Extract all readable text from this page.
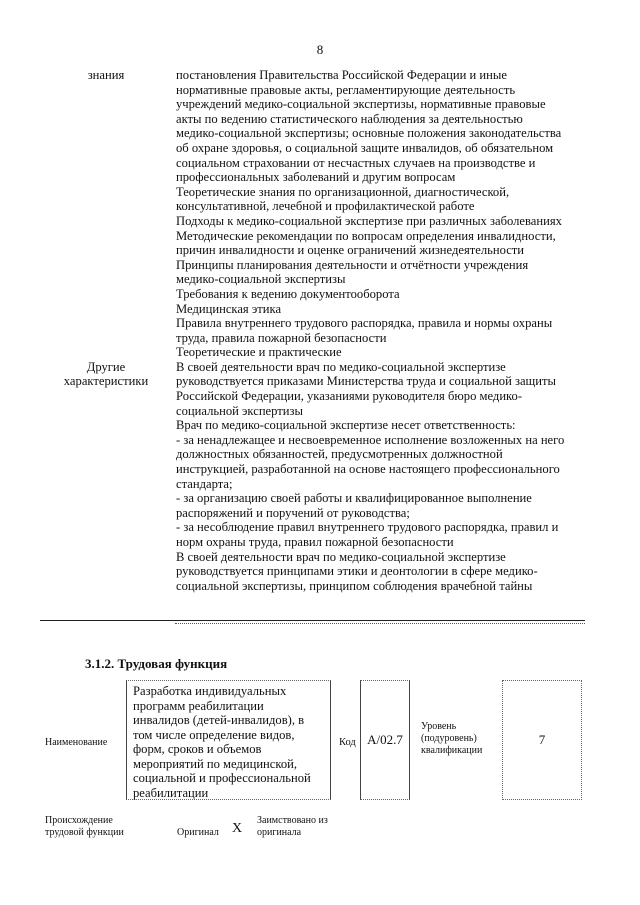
8
знания	постановления Правительства Российской Федерации и иные
нормативные правовые акты, регламентирующие деятельность
учреждений медико-социальной экспертизы, нормативные правовые
акты по ведению статистического наблюдения за деятельностью
медико-социальной экспертизы; основные положения законодательства
об охране здоровья, о социальной защите инвалидов, об обязательном
социальном страховании от несчастных случаев на производстве и
профессиональных заболеваний и другим вопросам
Теоретические знания по организационной, диагностической,
консультативной, лечебной и профилактической работе
Подходы к медико-социальной экспертизе при различных заболеваниях
Методические рекомендации по вопросам определения инвалидности,
причин инвалидности и оценке ограничений жизнедеятельности
Принципы планирования деятельности и отчётности учреждения
медико-социальной экспертизы
Требования к ведению документооборота
Медицинская этика
Правила внутреннего трудового распорядка, правила и нормы охраны
труда, правила пожарной безопасности
Теоретические и практические
Другие
характеристики
В своей деятельности врач по медико-социальной экспертизе
руководствуется приказами Министерства труда и социальной защиты
Российской Федерации, указаниями руководителя бюро медико-
социальной экспертизы
Врач по медико-социальной экспертизе несет ответственность:
- за ненадлежащее и несвоевременное исполнение возложенных на него
должностных обязанностей, предусмотренных должностной
инструкцией, разработанной на основе настоящего профессионального
стандарта;
- за организацию своей работы и квалифицированное выполнение
распоряжений и поручений от руководства;
- за несоблюдение правил внутреннего трудового распорядка, правил и
норм охраны труда, правил пожарной безопасности
В своей деятельности врач по медико-социальной экспертизе
руководствуется принципами этики и деонтологии в сфере медико-
социальной экспертизы, принципом соблюдения врачебной тайны
3.1.2. Трудовая функция
Наименование
Разработка индивидуальных
программ реабилитации
инвалидов (детей-инвалидов), в
том числе определение видов,
форм, сроков и объемов
мероприятий по медицинской,
социальной и профессиональной
реабилитации
Код A/02.7
Уровень
(подуровень)
квалификации
7
Происхождение
трудовой функции	Оригинал X
Заимствовано из
оригинала
